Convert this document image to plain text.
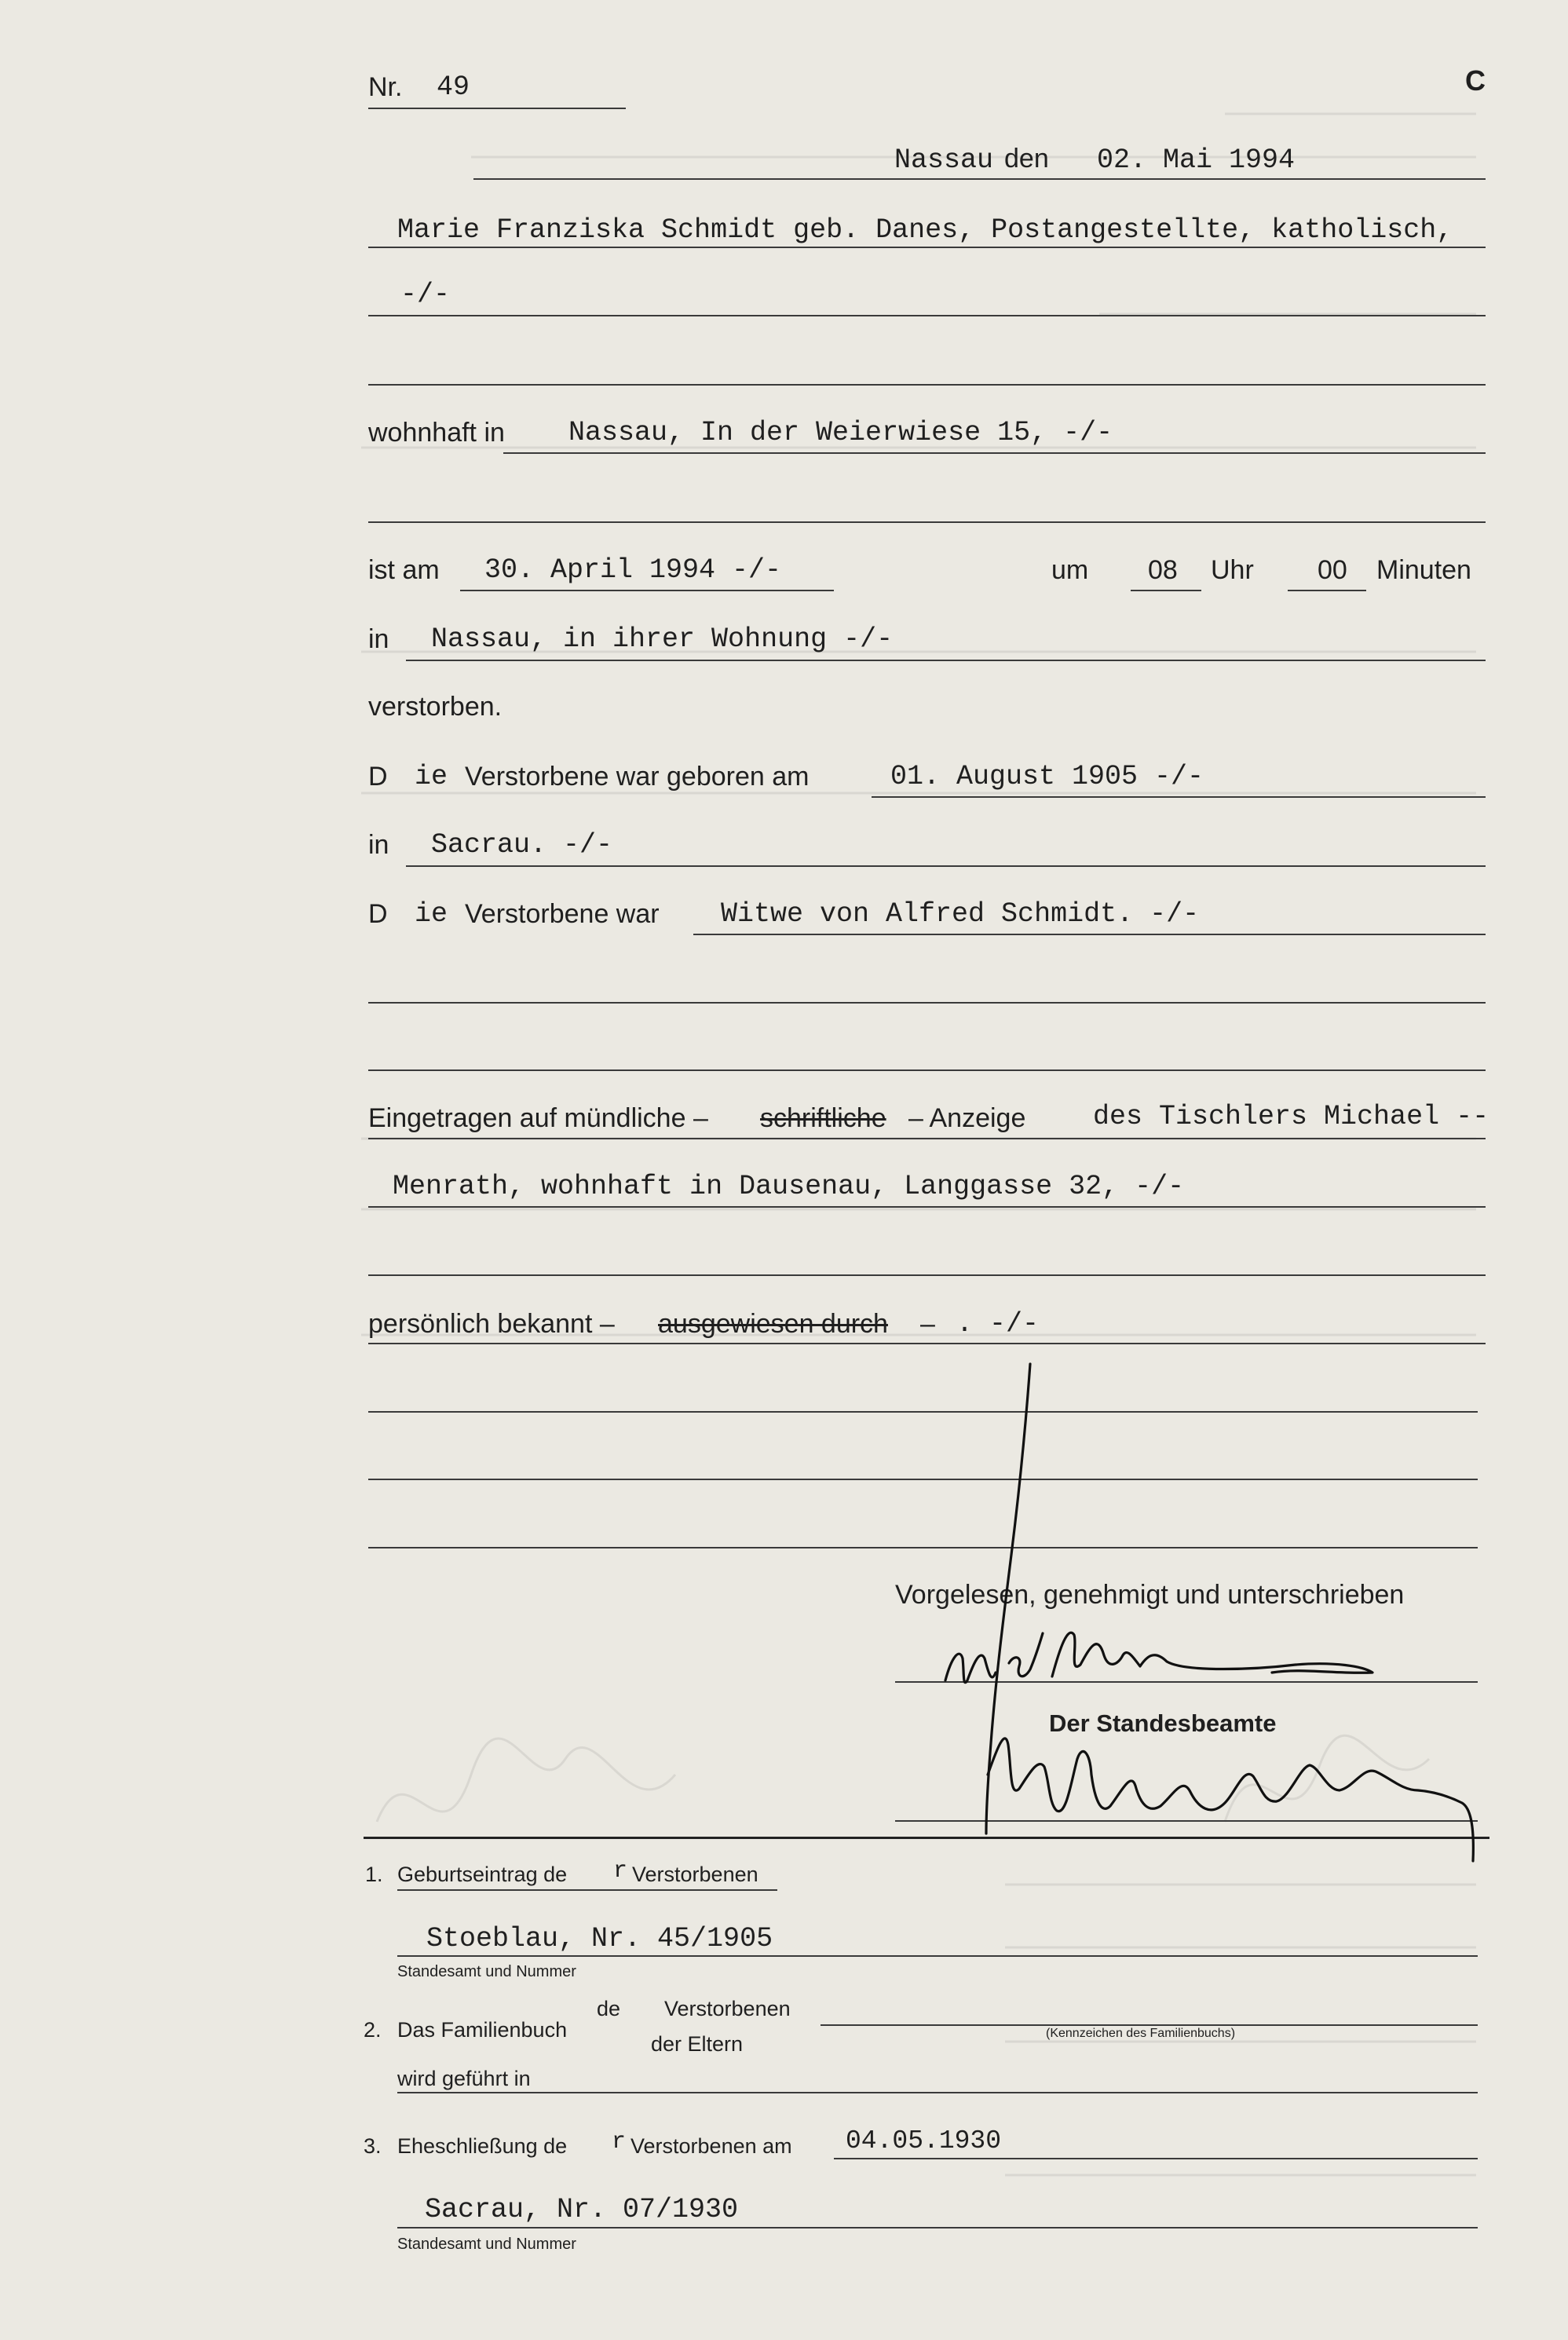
C
Nr. 49
Nassau den 02. Mai 1994
Marie Franziska Schmidt geb. Danes, Postangestellte, katholisch,
-/-
wohnhaft in Nassau, In der Weierwiese 15, -/-
ist am 30. April 1994 -/-	um 08 Uhr 00 Minuten
in Nassau, in ihrer Wohnung -/-
verstorben.
D ie Verstorbene war geboren am	01. August 1905 -/-
in Sacrau. -/-
D ie Verstorbene war Witwe von Alfred Schmidt. -/-
Eingetragen auf mündliche – schriftliche – Anzeige des Tischlers Michael --
Menrath, wohnhaft in Dausenau, Langgasse 32, -/-
persönlich bekannt – ausgewiesen durch – . -/-
Vorgelesen, genehmigt und unterschrieben
Der Standesbeamte
1. Geburtseintrag de r Verstorbenen
Stoeblau, Nr. 45/1905
Standesamt und Nummer
2. Das Familienbuch
de Verstorbenen
der Eltern	(Kennzeichen des Familienbuchs)
wird geführt in
3. Eheschließung de r Verstorbenen am 04.05.1930
Sacrau, Nr. 07/1930
Standesamt und Nummer
